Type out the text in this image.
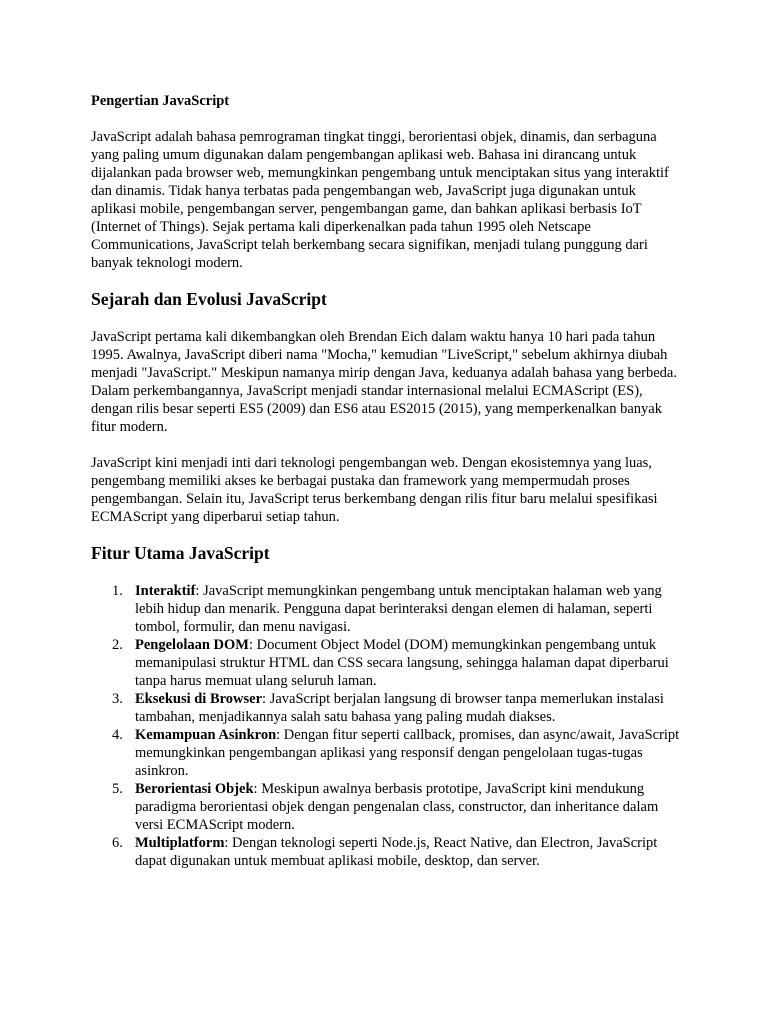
Pengertian JavaScript

JavaScript adalah bahasa pemrograman tingkat tinggi, berorientasi objek, dinamis, dan serbaguna yang paling umum digunakan dalam pengembangan aplikasi web. Bahasa ini dirancang untuk dijalankan pada browser web, memungkinkan pengembang untuk menciptakan situs yang interaktif dan dinamis. Tidak hanya terbatas pada pengembangan web, JavaScript juga digunakan untuk aplikasi mobile, pengembangan server, pengembangan game, dan bahkan aplikasi berbasis IoT (Internet of Things). Sejak pertama kali diperkenalkan pada tahun 1995 oleh Netscape Communications, JavaScript telah berkembang secara signifikan, menjadi tulang punggung dari banyak teknologi modern.

Sejarah dan Evolusi JavaScript

JavaScript pertama kali dikembangkan oleh Brendan Eich dalam waktu hanya 10 hari pada tahun 1995. Awalnya, JavaScript diberi nama "Mocha," kemudian "LiveScript," sebelum akhirnya diubah menjadi "JavaScript." Meskipun namanya mirip dengan Java, keduanya adalah bahasa yang berbeda. Dalam perkembangannya, JavaScript menjadi standar internasional melalui ECMAScript (ES), dengan rilis besar seperti ES5 (2009) dan ES6 atau ES2015 (2015), yang memperkenalkan banyak fitur modern.

JavaScript kini menjadi inti dari teknologi pengembangan web. Dengan ekosistemnya yang luas, pengembang memiliki akses ke berbagai pustaka dan framework yang mempermudah proses pengembangan. Selain itu, JavaScript terus berkembang dengan rilis fitur baru melalui spesifikasi ECMAScript yang diperbarui setiap tahun.

Fitur Utama JavaScript
1. Interaktif: JavaScript memungkinkan pengembang untuk menciptakan halaman web yang lebih hidup dan menarik. Pengguna dapat berinteraksi dengan elemen di halaman, seperti tombol, formulir, dan menu navigasi.
2. Pengelolaan DOM: Document Object Model (DOM) memungkinkan pengembang untuk memanipulasi struktur HTML dan CSS secara langsung, sehingga halaman dapat diperbarui tanpa harus memuat ulang seluruh laman.
3. Eksekusi di Browser: JavaScript berjalan langsung di browser tanpa memerlukan instalasi tambahan, menjadikannya salah satu bahasa yang paling mudah diakses.
4. Kemampuan Asinkron: Dengan fitur seperti callback, promises, dan async/await, JavaScript memungkinkan pengembangan aplikasi yang responsif dengan pengelolaan tugas-tugas asinkron.
5. Berorientasi Objek: Meskipun awalnya berbasis prototipe, JavaScript kini mendukung paradigma berorientasi objek dengan pengenalan class, constructor, dan inheritance dalam versi ECMAScript modern.
6. Multiplatform: Dengan teknologi seperti Node.js, React Native, dan Electron, JavaScript dapat digunakan untuk membuat aplikasi mobile, desktop, dan server.
